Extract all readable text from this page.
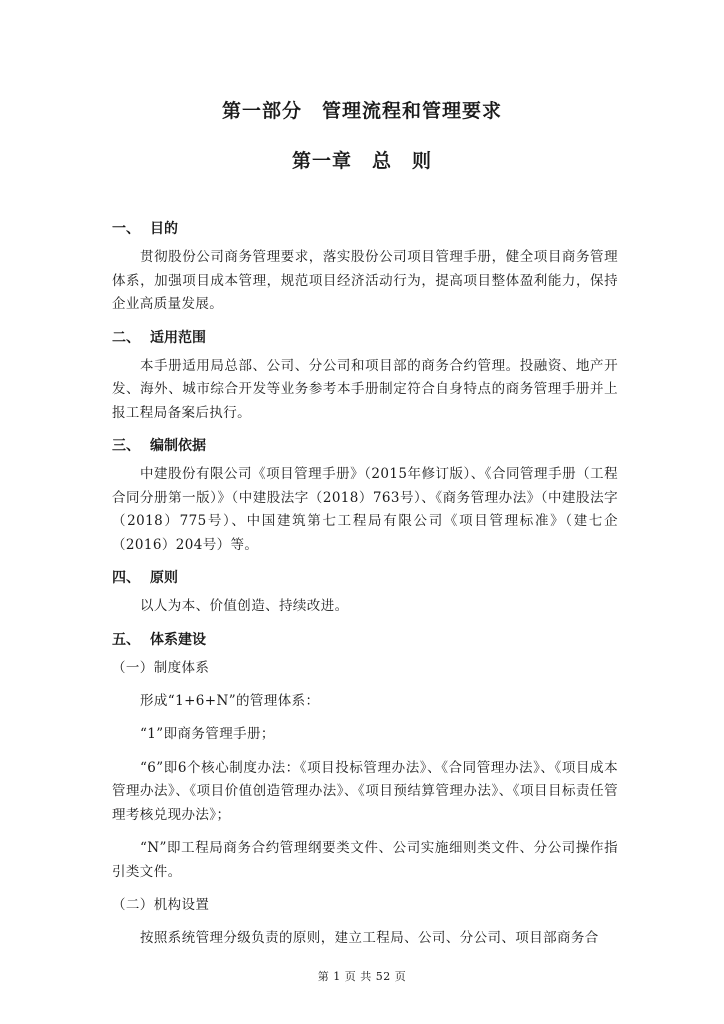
第一部分　管理流程和管理要求
第一章　总　则
一、 目的
贯彻股份公司商务管理要求，落实股份公司项目管理手册，健全项目商务管理体系，加强项目成本管理，规范项目经济活动行为，提高项目整体盈利能力，保持企业高质量发展。
二、 适用范围
本手册适用局总部、公司、分公司和项目部的商务合约管理。投融资、地产开发、海外、城市综合开发等业务参考本手册制定符合自身特点的商务管理手册并上报工程局备案后执行。
三、 编制依据
中建股份有限公司《项目管理手册》（2015年修订版）、《合同管理手册（工程合同分册第一版）》（中建股法字（2018）763号）、《商务管理办法》（中建股法字（2018）775号）、中国建筑第七工程局有限公司《项目管理标准》（建七企（2016）204号）等。
四、 原则
以人为本、价值创造、持续改进。
五、 体系建设
（一）制度体系
形成“1+6+N”的管理体系：
“1”即商务管理手册；
“6”即6个核心制度办法：《项目投标管理办法》、《合同管理办法》、《项目成本管理办法》、《项目价值创造管理办法》、《项目预结算管理办法》、《项目目标责任管理考核兑现办法》；
“N”即工程局商务合约管理纲要类文件、公司实施细则类文件、分公司操作指引类文件。
（二）机构设置
按照系统管理分级负责的原则，建立工程局、公司、分公司、项目部商务合
第 1 页 共 52 页
